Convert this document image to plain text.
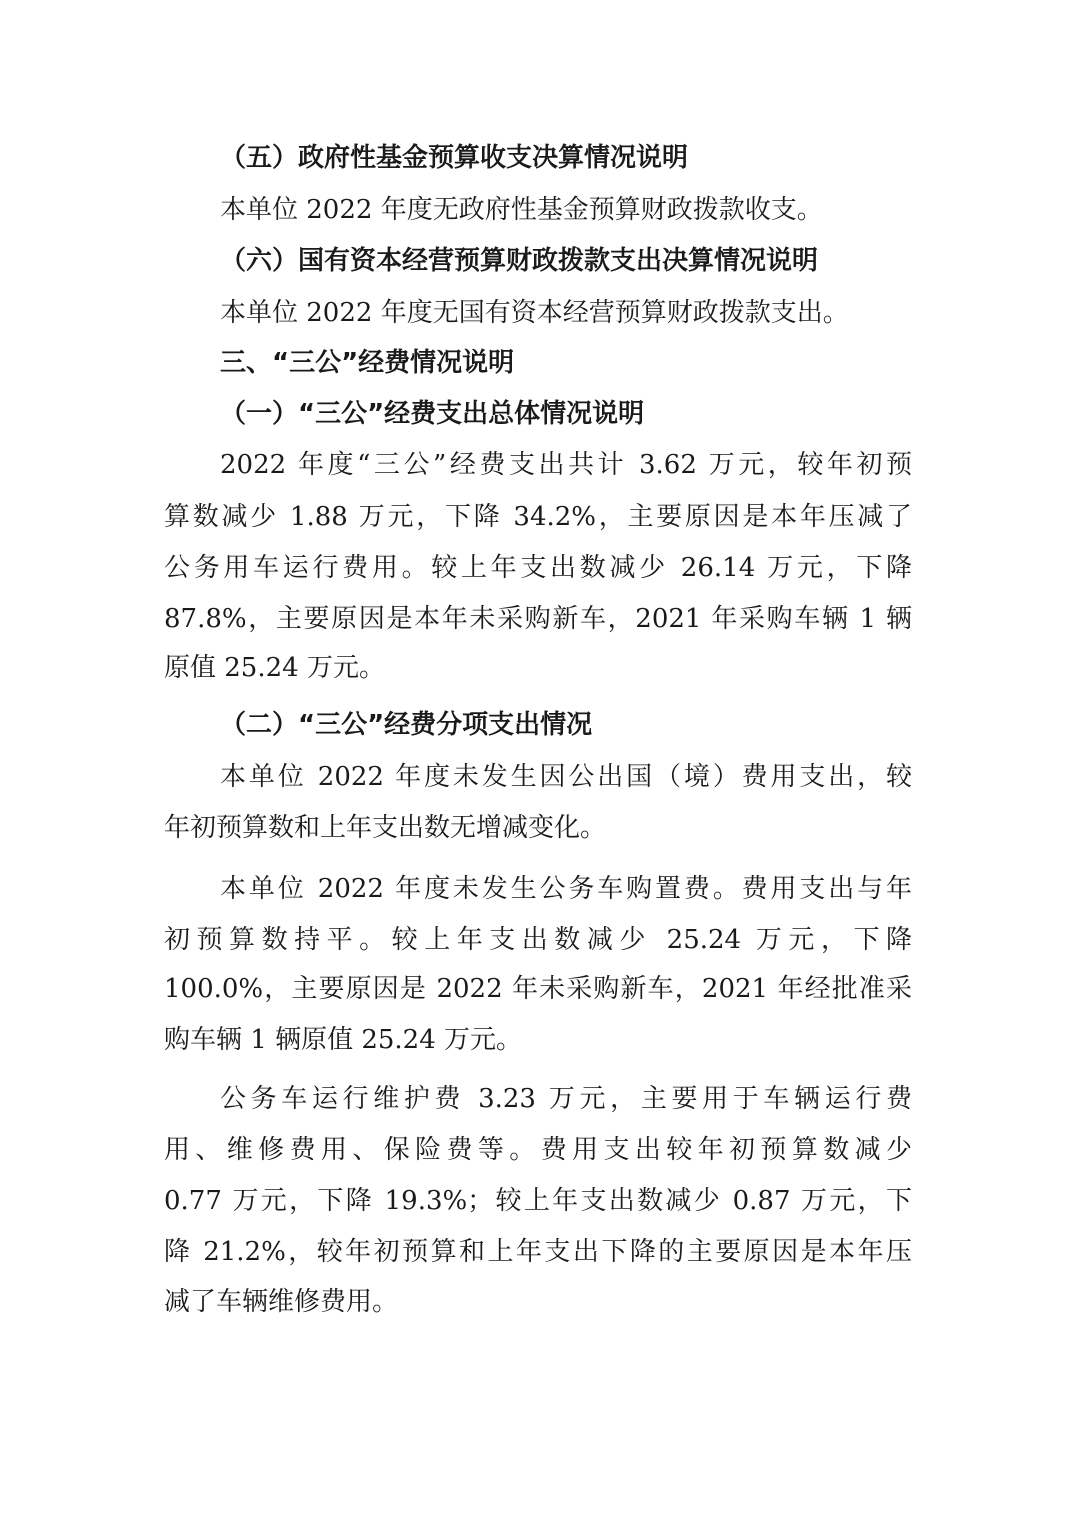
（五）政府性基金预算收支决算情况说明
本单位 2022 年度无政府性基金预算财政拨款收支。
（六）国有资本经营预算财政拨款支出决算情况说明
本单位 2022 年度无国有资本经营预算财政拨款支出。
三、“三公”经费情况说明
（一）“三公”经费支出总体情况说明
2022 年度“三公”经费支出共计 3.62 万元，较年初预
算数减少 1.88 万元，下降 34.2%，主要原因是本年压减了
公务用车运行费用。较上年支出数减少 26.14 万元，下降
87.8%，主要原因是本年未采购新车，2021 年采购车辆 1 辆
原值 25.24 万元。
（二）“三公”经费分项支出情况
本单位 2022 年度未发生因公出国（境）费用支出，较
年初预算数和上年支出数无增减变化。
本单位 2022 年度未发生公务车购置费。费用支出与年
初预算数持平。较上年支出数减少 25.24 万元，下降
100.0%，主要原因是 2022 年未采购新车，2021 年经批准采
购车辆 1 辆原值 25.24 万元。
公务车运行维护费 3.23 万元，主要用于车辆运行费
用、维修费用、保险费等。费用支出较年初预算数减少
0.77 万元，下降 19.3%；较上年支出数减少 0.87 万元，下
降 21.2%，较年初预算和上年支出下降的主要原因是本年压
减了车辆维修费用。
